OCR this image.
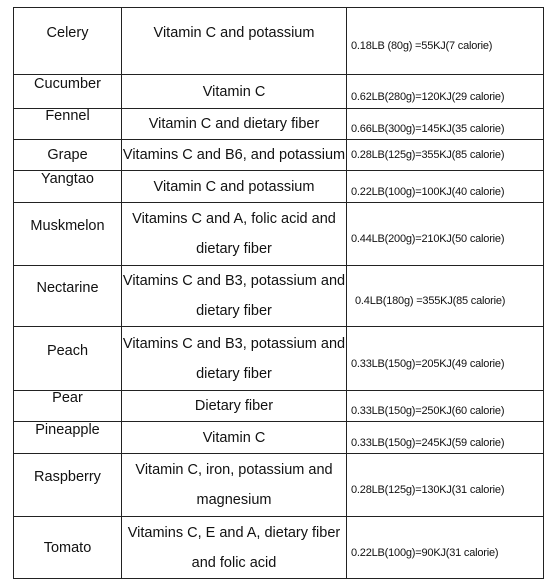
Celery	Vitamin C and potassium	0.18LB (80g) =55KJ(7 calorie)
Cucumber	Vitamin C	0.62LB(280g)=120KJ(29 calorie)
Fennel	Vitamin C and dietary fiber	0.66LB(300g)=145KJ(35 calorie)
Grape	Vitamins C and B6, and potassium	0.28LB(125g)=355KJ(85 calorie)
Yangtao	Vitamin C and potassium	0.22LB(100g)=100KJ(40 calorie)
Muskmelon	Vitamins C and A, folic acid and dietary fiber	0.44LB(200g)=210KJ(50 calorie)
Nectarine	Vitamins C and B3, potassium and dietary fiber	0.4LB(180g) =355KJ(85 calorie)
Peach	Vitamins C and B3, potassium and dietary fiber	0.33LB(150g)=205KJ(49 calorie)
Pear	Dietary fiber	0.33LB(150g)=250KJ(60 calorie)
Pineapple	Vitamin C	0.33LB(150g)=245KJ(59 calorie)
Raspberry	Vitamin C, iron, potassium and magnesium	0.28LB(125g)=130KJ(31 calorie)
Tomato	Vitamins C, E and A, dietary fiber and folic acid	0.22LB(100g)=90KJ(31 calorie)
